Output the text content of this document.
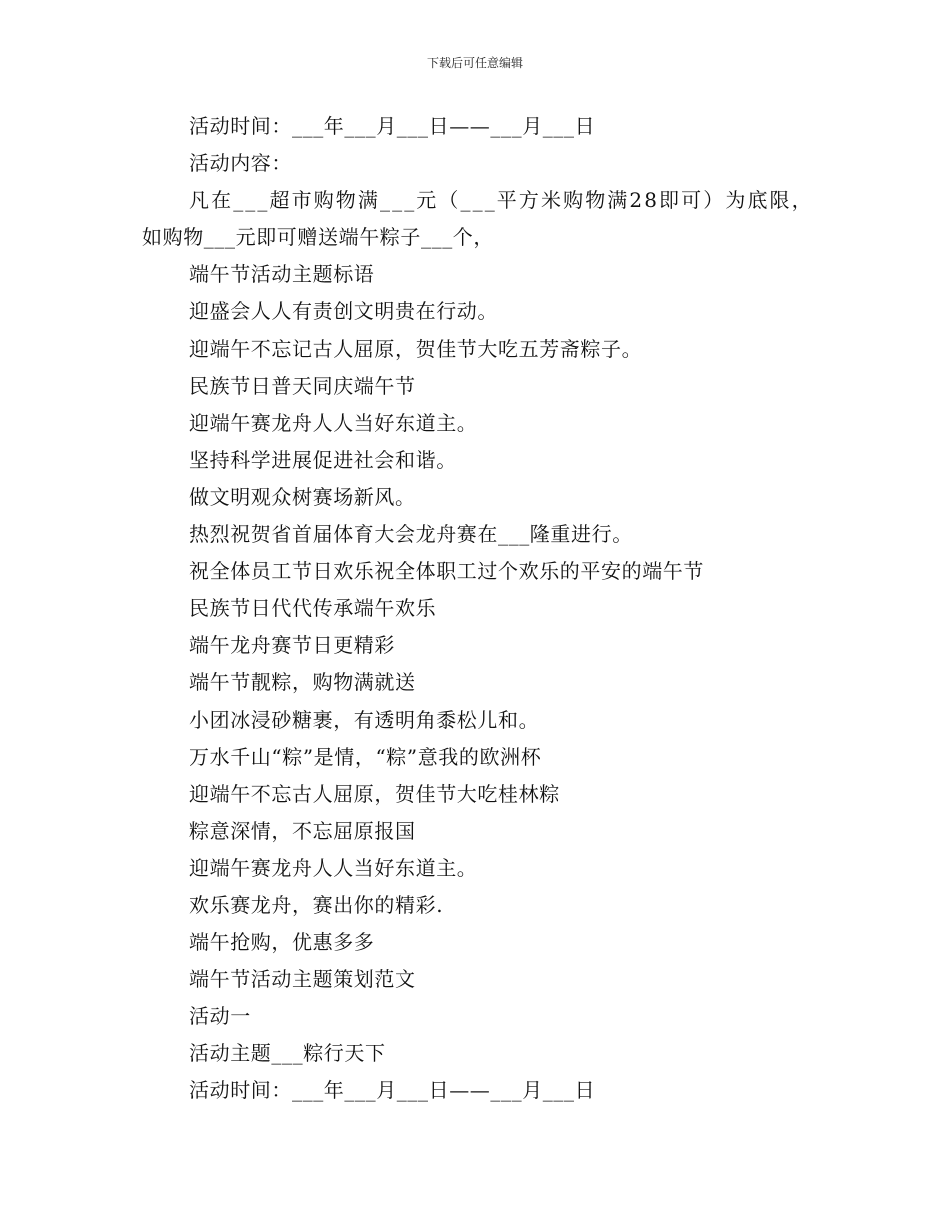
下载后可任意编辑
活动时间：___年___月___日——___月___日
活动内容：
凡在___超市购物满___元（___平方米购物满28即可）为底限，
如购物___元即可赠送端午粽子___个，
端午节活动主题标语
迎盛会人人有责创文明贵在行动。
迎端午不忘记古人屈原，贺佳节大吃五芳斋粽子。
民族节日普天同庆端午节
迎端午赛龙舟人人当好东道主。
坚持科学进展促进社会和谐。
做文明观众树赛场新风。
热烈祝贺省首届体育大会龙舟赛在___隆重进行。
祝全体员工节日欢乐祝全体职工过个欢乐的平安的端午节
民族节日代代传承端午欢乐
端午龙舟赛节日更精彩
端午节靓粽，购物满就送
小团冰浸砂糖裹，有透明角黍松儿和。
万水千山“粽”是情，“粽”意我的欧洲杯
迎端午不忘古人屈原，贺佳节大吃桂林粽
粽意深情，不忘屈原报国
迎端午赛龙舟人人当好东道主。
欢乐赛龙舟，赛出你的精彩.
端午抢购，优惠多多
端午节活动主题策划范文
活动一
活动主题___粽行天下
活动时间：___年___月___日——___月___日
